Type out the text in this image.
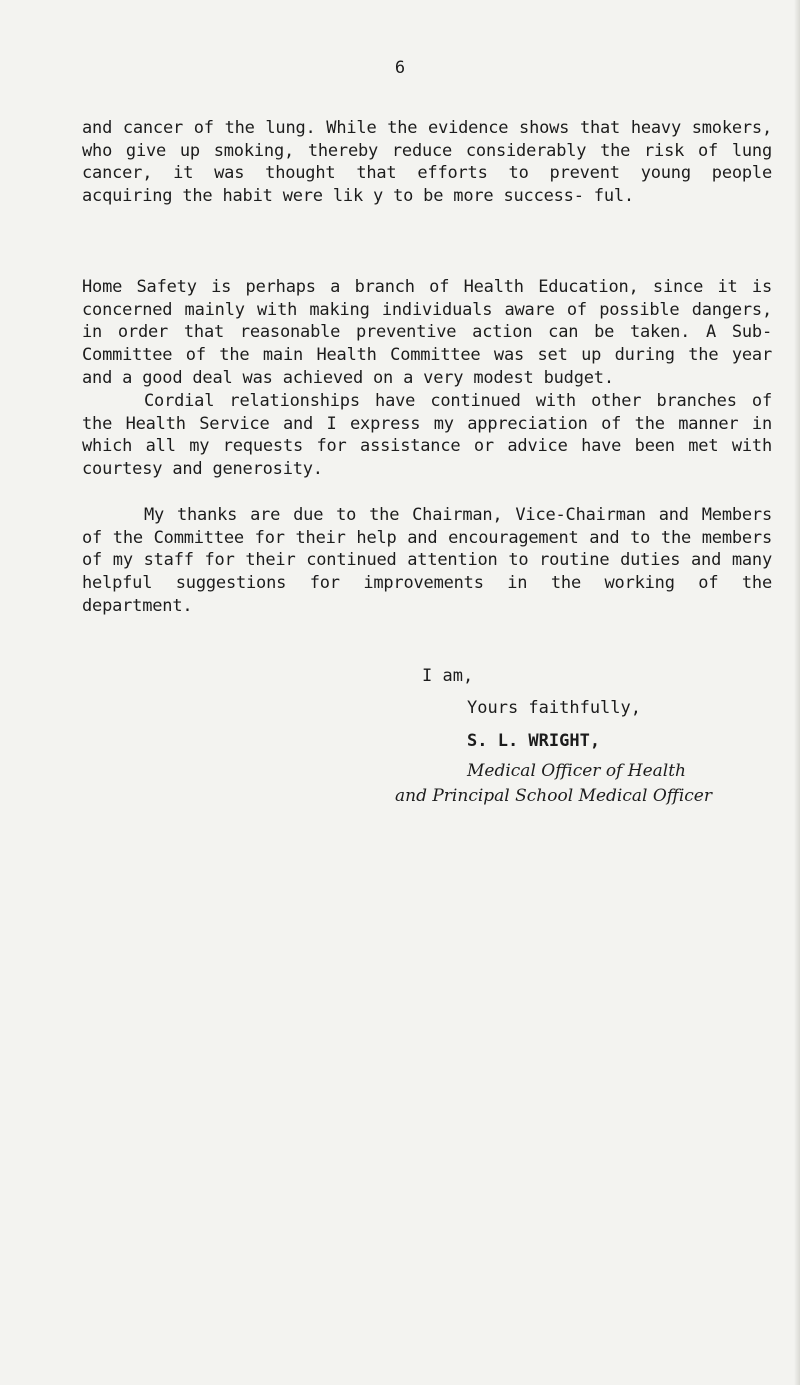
6

and cancer of the lung. While the evidence shows that heavy smokers, who give up smoking, thereby reduce considerably the risk of lung cancer, it was thought that efforts to prevent young people acquiring the habit were lik y to be more success- ful.

Home Safety is perhaps a branch of Health Education, since it is concerned mainly with making individuals aware of possible dangers, in order that reasonable preventive action can be taken. A Sub-Committee of the main Health Committee was set up during the year and a good deal was achieved on a very modest budget.

Cordial relationships have continued with other branches of the Health Service and I express my appreciation of the manner in which all my requests for assistance or advice have been met with courtesy and generosity.

My thanks are due to the Chairman, Vice-Chairman and Members of the Committee for their help and encouragement and to the members of my staff for their continued attention to routine duties and many helpful suggestions for improvements in the working of the department.

I am,
Yours faithfully,
S. L. WRIGHT,
Medical Officer of Health
and Principal School Medical Officer
